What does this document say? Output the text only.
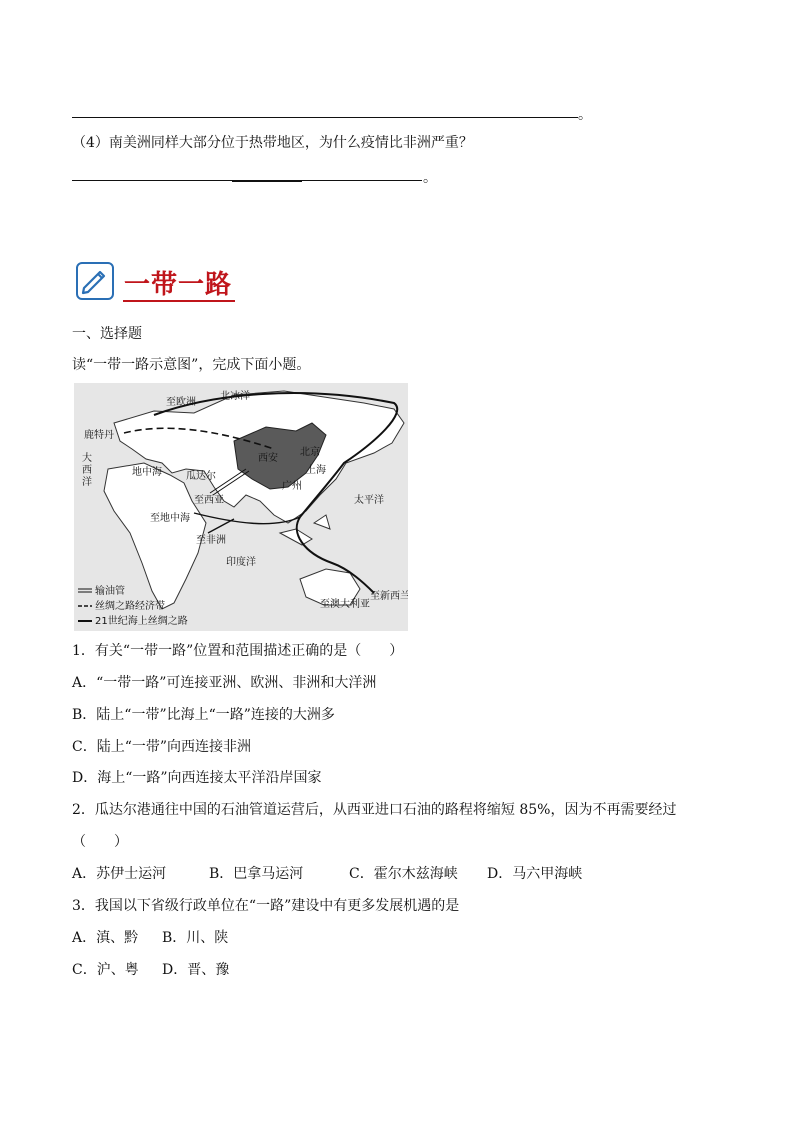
。
（4）南美洲同样大部分位于热带地区，为什么疫情比非洲严重？
。
一带一路
一、选择题
读“一带一路示意图”，完成下面小题。
北冰洋
至欧洲
鹿特丹
大
西
洋
地中海 瓜达尔
西安
北京
上海
广州
至西亚
至地中海
至非洲
太平洋
印度洋
至澳大利亚
至新西兰
输油管
丝绸之路经济带
21世纪海上丝绸之路
1．有关“一带一路”位置和范围描述正确的是（　　）
A．“一带一路”可连接亚洲、欧洲、非洲和大洋洲
B．陆上“一带”比海上“一路”连接的大洲多
C．陆上“一带”向西连接非洲
D．海上“一路”向西连接太平洋沿岸国家
2．瓜达尔港通往中国的石油管道运营后，从西亚进口石油的路程将缩短 85%，因为不再需要经过
（　　）
A．苏伊士运河	B．巴拿马运河	C．霍尔木兹海峡 D．马六甲海峡
3．我国以下省级行政单位在“一路”建设中有更多发展机遇的是
A．滇、黔 B．川、陕
C．沪、粤 D．晋、豫
